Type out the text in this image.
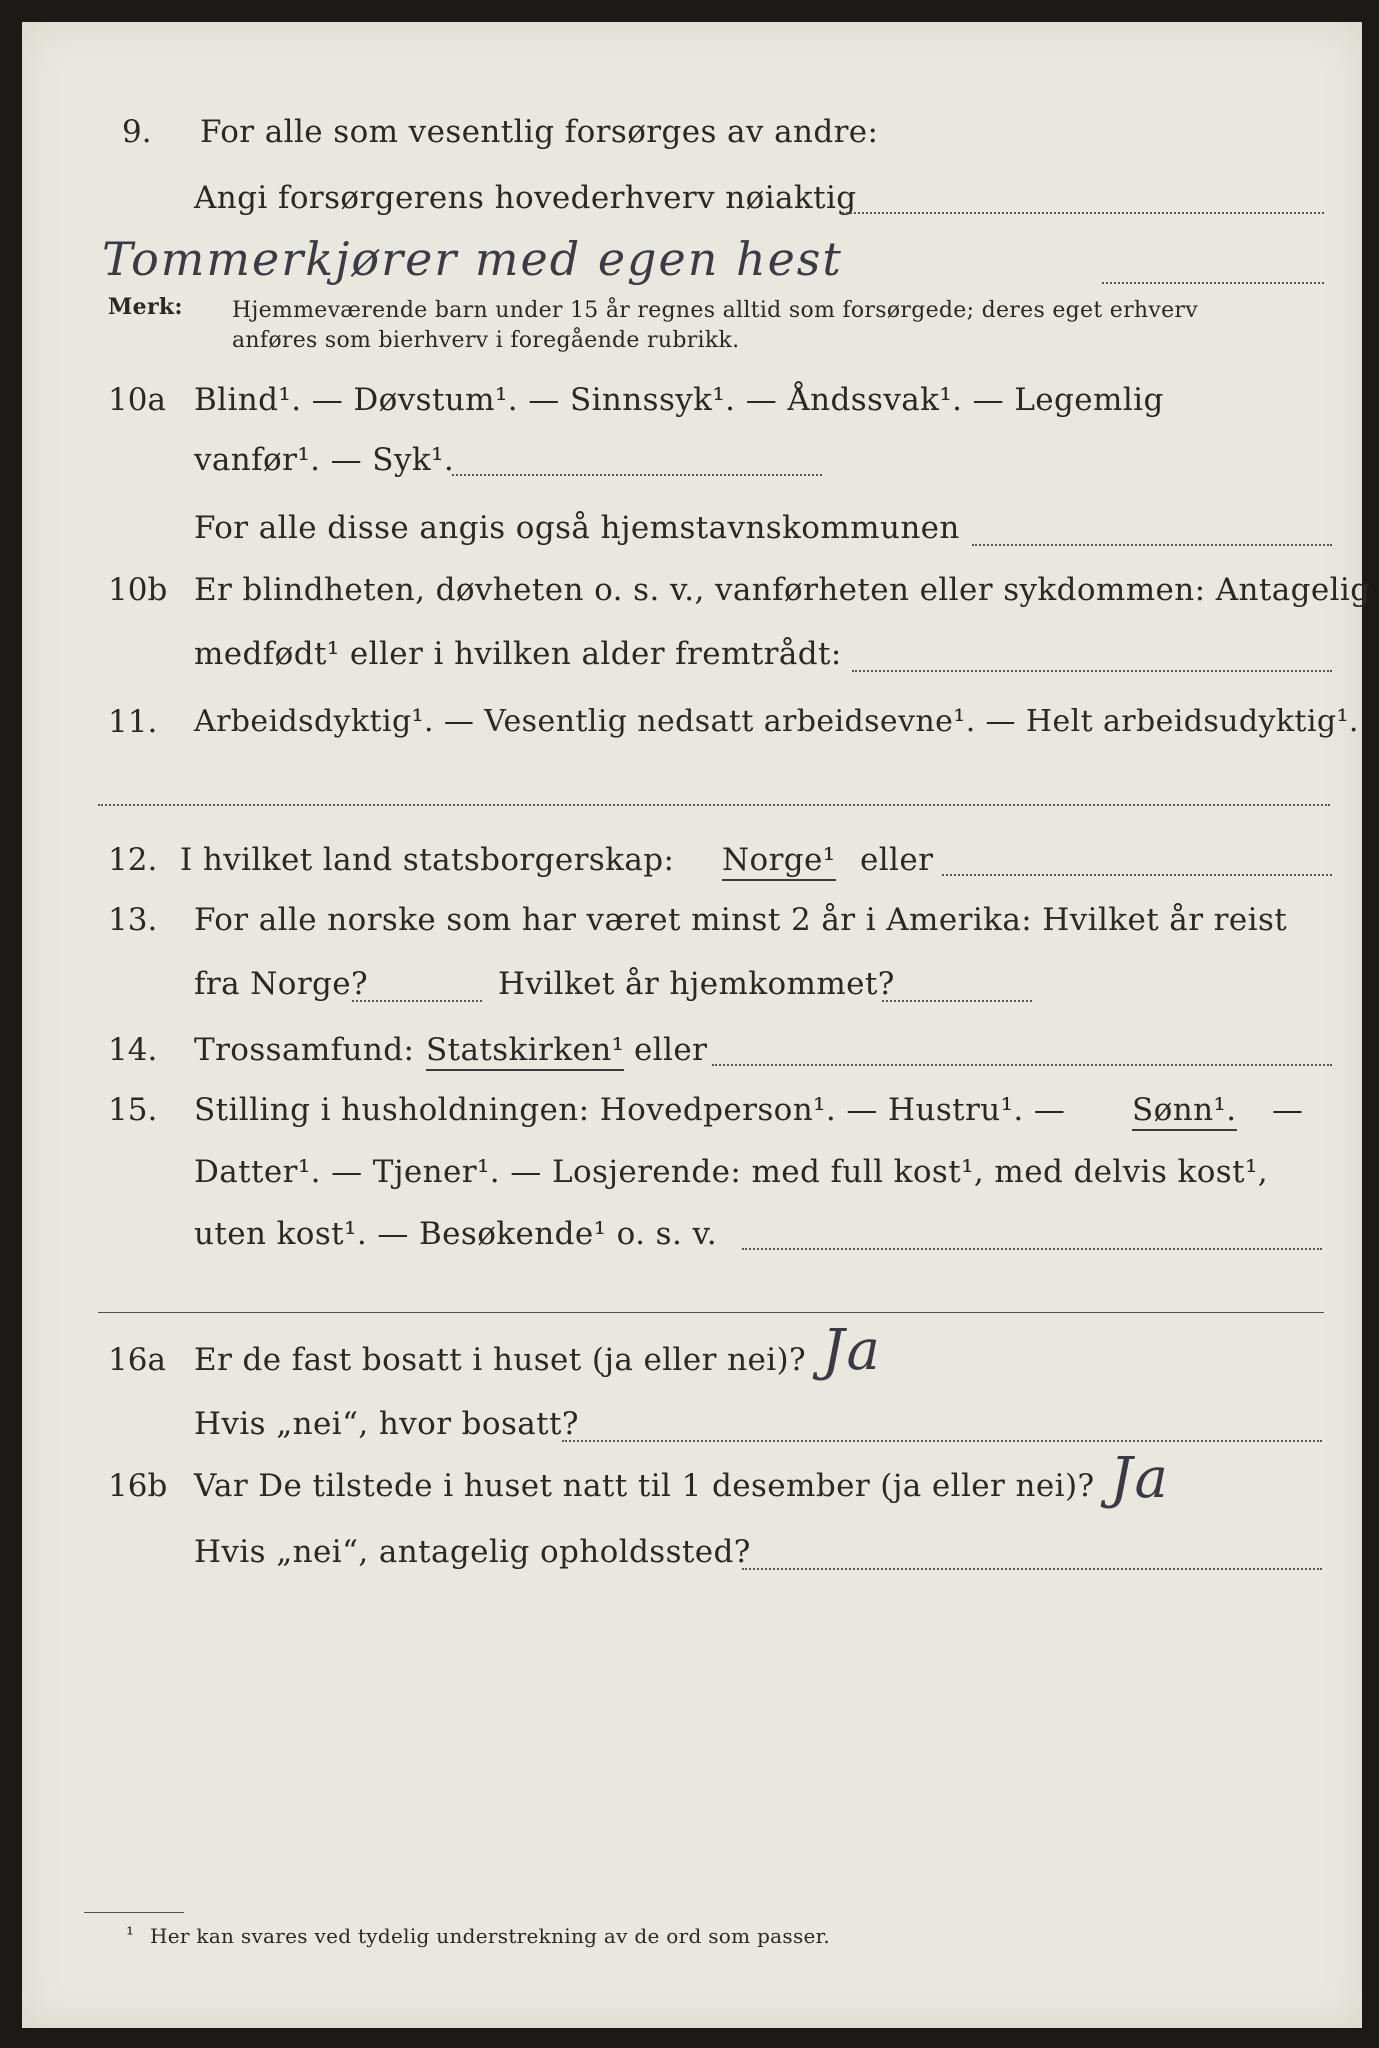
9. For alle som vesentlig forsørges av andre:
Angi forsørgerens hovederhverv nøiaktig
Tommerkjører med egen hest
Merk: Hjemmeværende barn under 15 år regnes alltid som forsørgede; deres eget erhverv
anføres som bierhverv i foregående rubrikk.
10a Blind¹. — Døvstum¹. — Sinnssyk¹. — Åndssvak¹. — Legemlig
vanfør¹. — Syk¹.
For alle disse angis også hjemstavnskommunen
10b Er blindheten, døvheten o. s. v., vanførheten eller sykdommen: Antagelig
medfødt¹ eller i hvilken alder fremtrådt:
11. Arbeidsdyktig¹. — Vesentlig nedsatt arbeidsevne¹. — Helt arbeidsudyktig¹.
12. I hvilket land statsborgerskap: Norge¹ eller
13. For alle norske som har været minst 2 år i Amerika: Hvilket år reist
fra Norge?	Hvilket år hjemkommet?
14. Trossamfund: Statskirken¹ eller
15. Stilling i husholdningen: Hovedperson¹. — Hustru¹. — Sønn¹. —
Datter¹. — Tjener¹. — Losjerende: med full kost¹, med delvis kost¹,
uten kost¹. — Besøkende¹ o. s. v.
16a Er de fast bosatt i huset (ja eller nei)? Ja
Hvis „nei“, hvor bosatt?
16b Var De tilstede i huset natt til 1 desember (ja eller nei)? Ja
Hvis „nei“, antagelig opholdssted?
¹ Her kan svares ved tydelig understrekning av de ord som passer.
